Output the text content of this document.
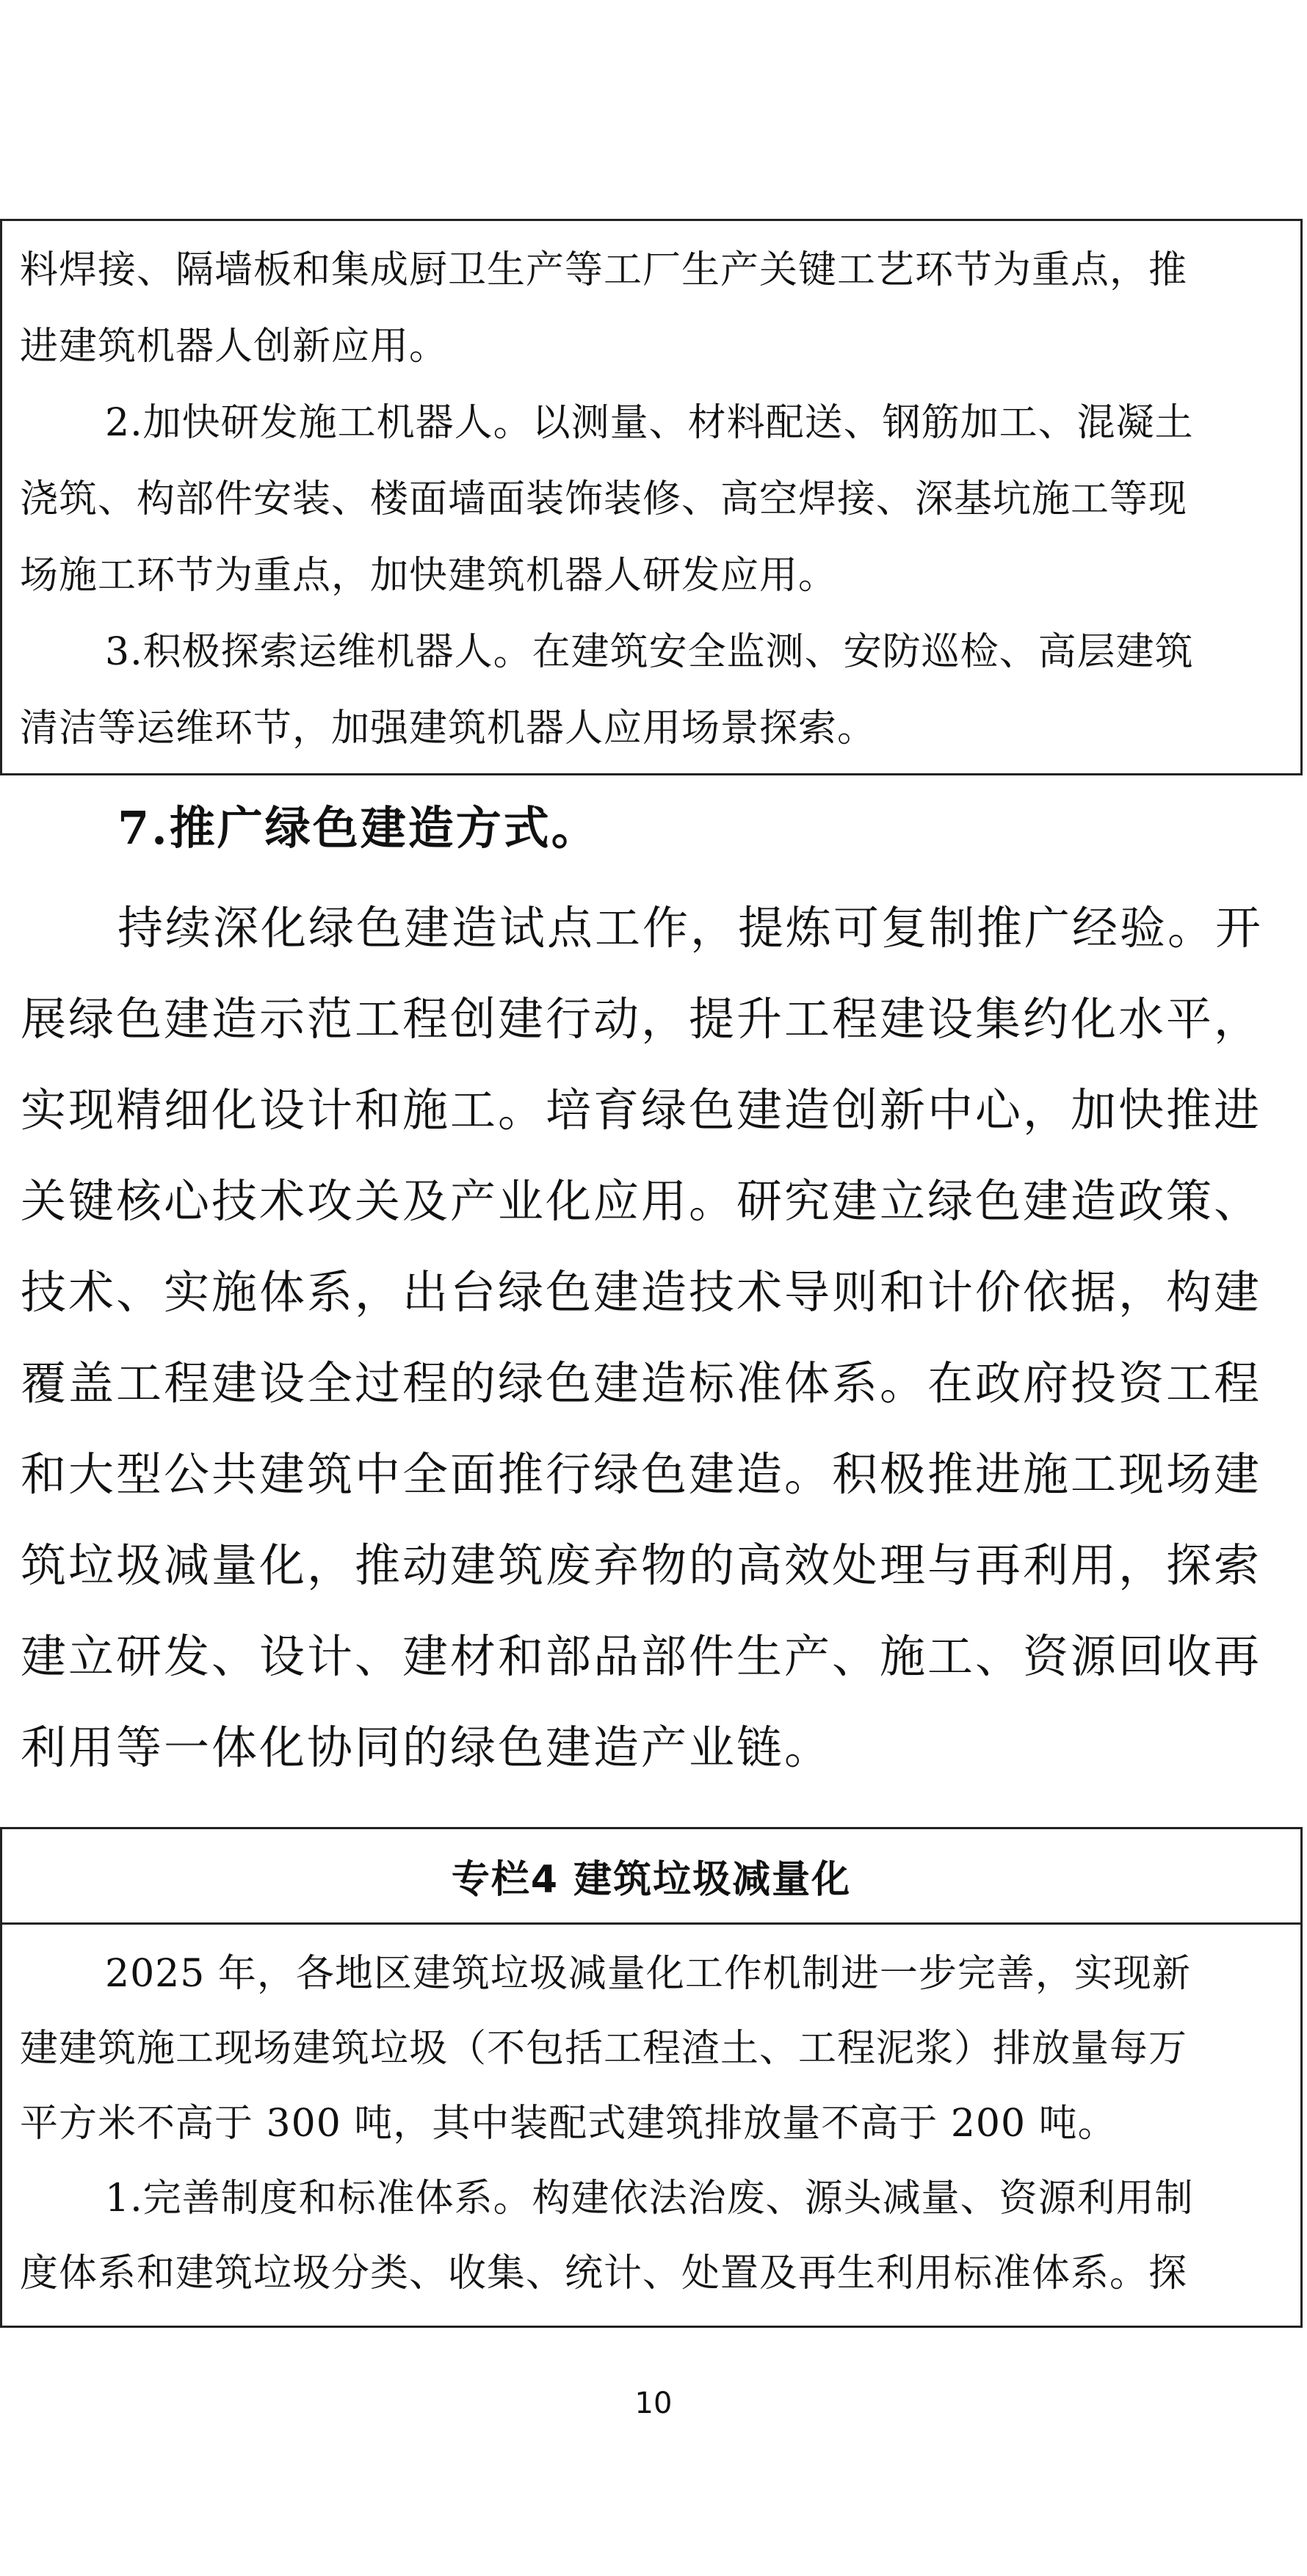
料焊接、隔墙板和集成厨卫生产等工厂生产关键工艺环节为重点，推
进建筑机器人创新应用。
2.加快研发施工机器人。以测量、材料配送、钢筋加工、混凝土
浇筑、构部件安装、楼面墙面装饰装修、高空焊接、深基坑施工等现
场施工环节为重点，加快建筑机器人研发应用。
3.积极探索运维机器人。在建筑安全监测、安防巡检、高层建筑
清洁等运维环节，加强建筑机器人应用场景探索。
7.推广绿色建造方式。
持续深化绿色建造试点工作，提炼可复制推广经验。开
展绿色建造示范工程创建行动，提升工程建设集约化水平，
实现精细化设计和施工。培育绿色建造创新中心，加快推进
关键核心技术攻关及产业化应用。研究建立绿色建造政策、
技术、实施体系，出台绿色建造技术导则和计价依据，构建
覆盖工程建设全过程的绿色建造标准体系。在政府投资工程
和大型公共建筑中全面推行绿色建造。积极推进施工现场建
筑垃圾减量化，推动建筑废弃物的高效处理与再利用，探索
建立研发、设计、建材和部品部件生产、施工、资源回收再
利用等一体化协同的绿色建造产业链。
专栏4 建筑垃圾减量化
2025 年，各地区建筑垃圾减量化工作机制进一步完善，实现新
建建筑施工现场建筑垃圾（不包括工程渣土、工程泥浆）排放量每万
平方米不高于 300 吨，其中装配式建筑排放量不高于 200 吨。
1.完善制度和标准体系。构建依法治废、源头减量、资源利用制
度体系和建筑垃圾分类、收集、统计、处置及再生利用标准体系。探
10
